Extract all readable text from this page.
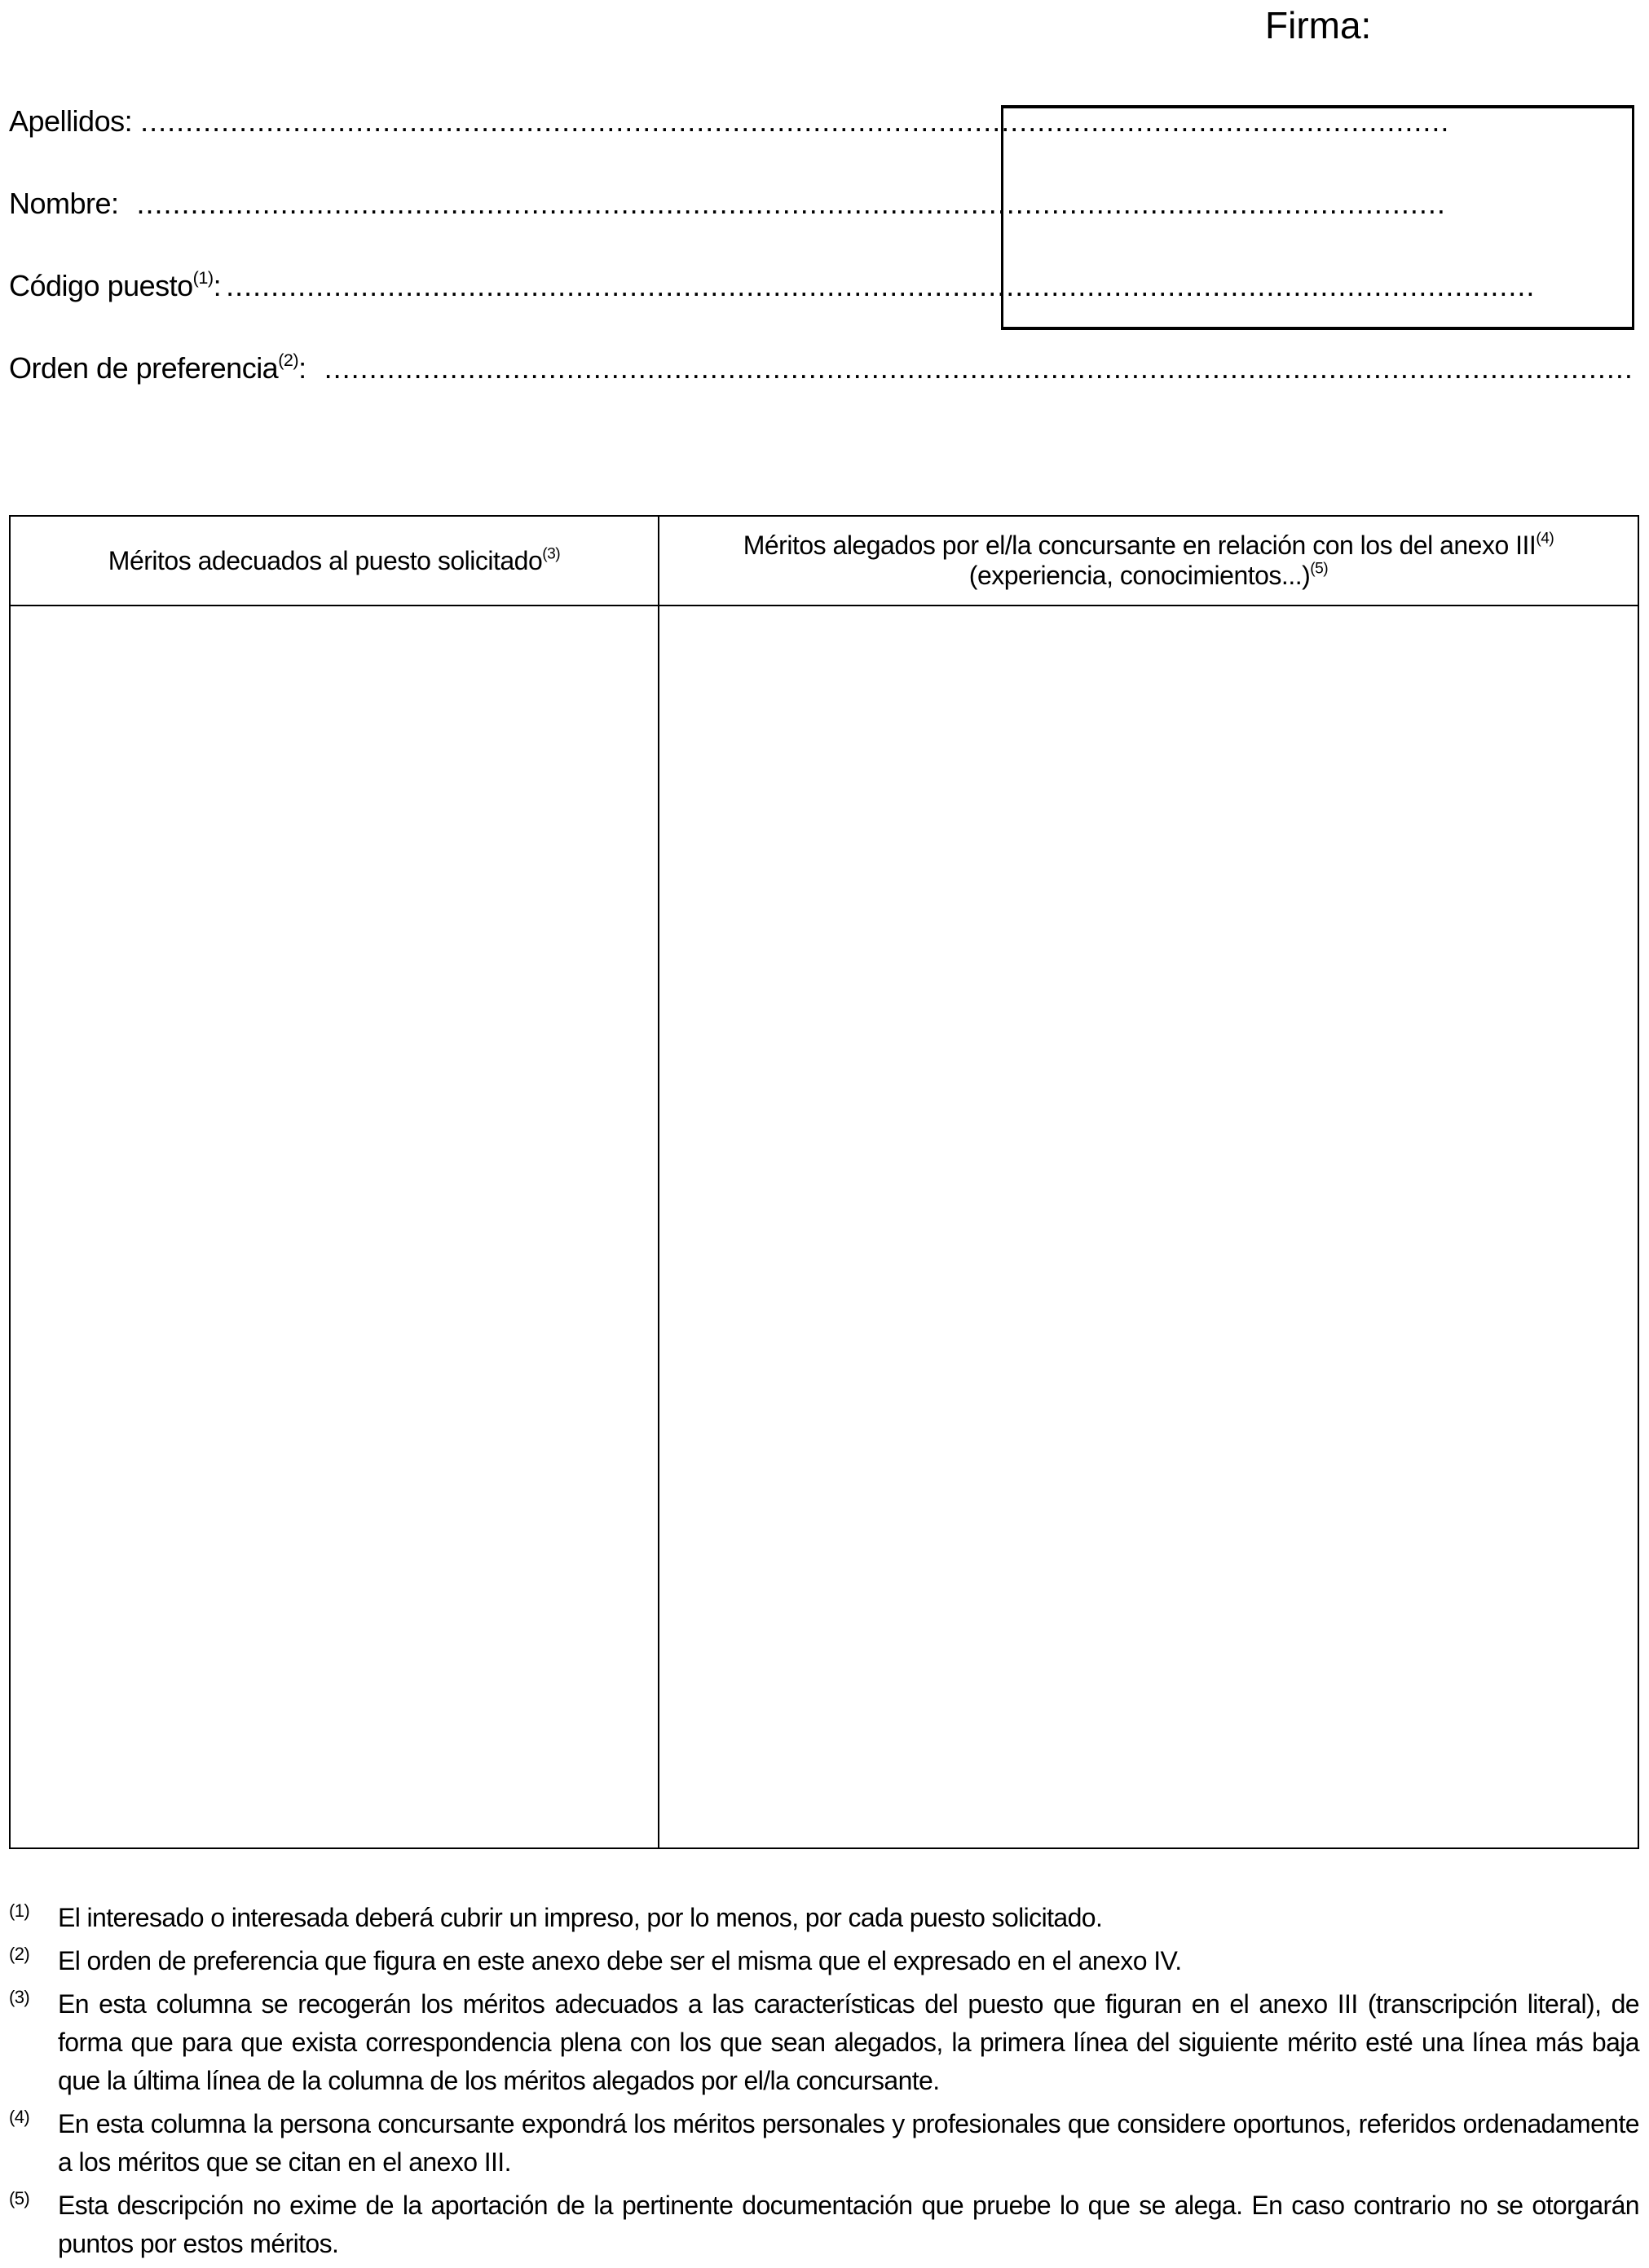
Firma:
Apellidos: ..................................................................................................................................................
Nombre: ..................................................................................................................................................
Código puesto$^{(1)}$: ..................................................................................................................................................
Orden de preferencia$^{(2)}$: ..................................................................................................................................................
Méritos adecuados al puesto solicitado$^{(3)}$	Méritos alegados por el/la concursante en relación con los del anexo III$^{(4)}$
(experiencia, conocimientos...)$^{(5)}$

(1)	El interesado o interesada deberá cubrir un impreso, por lo menos, por cada puesto solicitado.
(2)	El orden de preferencia que figura en este anexo debe ser el misma que el expresado en el anexo IV.
(3)	En esta columna se recogerán los méritos adecuados a las características del puesto que figuran en el anexo III (transcripción literal), de forma que para que exista correspondencia plena con los que sean alegados, la primera línea del siguiente mérito esté una línea más baja que la última línea de la columna de los méritos alegados por el/la concursante.
(4)	En esta columna la persona concursante expondrá los méritos personales y profesionales que considere oportunos, referidos ordenadamente a los méritos que se citan en el anexo III.
(5)	Esta descripción no exime de la aportación de la pertinente documentación que pruebe lo que se alega. En caso contrario no se otorgarán puntos por estos méritos.
